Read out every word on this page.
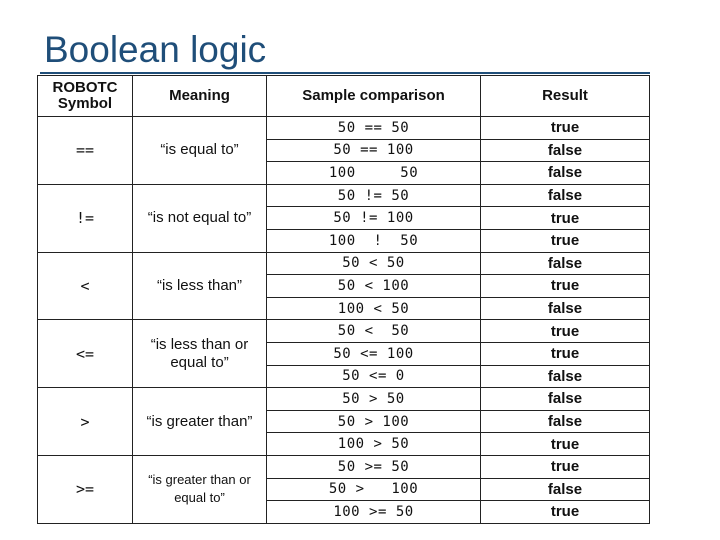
Boolean logic
ROBOTC
Symbol	Meaning	Sample comparison	Result
==	“is equal to”	50 == 50	true
		50 == 100	false
		100     50	false
!=	“is not equal to”	50 != 50	false
		50 != 100	true
		100  !  50	true
<	“is less than”	50 < 50	false
		50 < 100	true
		100 < 50	false
<=	“is less than or equal to”	50 <  50	true
		50 <= 100	true
		50 <= 0	false
>	“is greater than”	50 > 50	false
		50 > 100	false
		100 > 50	true
>=	“is greater than or equal to”	50 >= 50	true
		50 >   100	false
		100 >= 50	true
